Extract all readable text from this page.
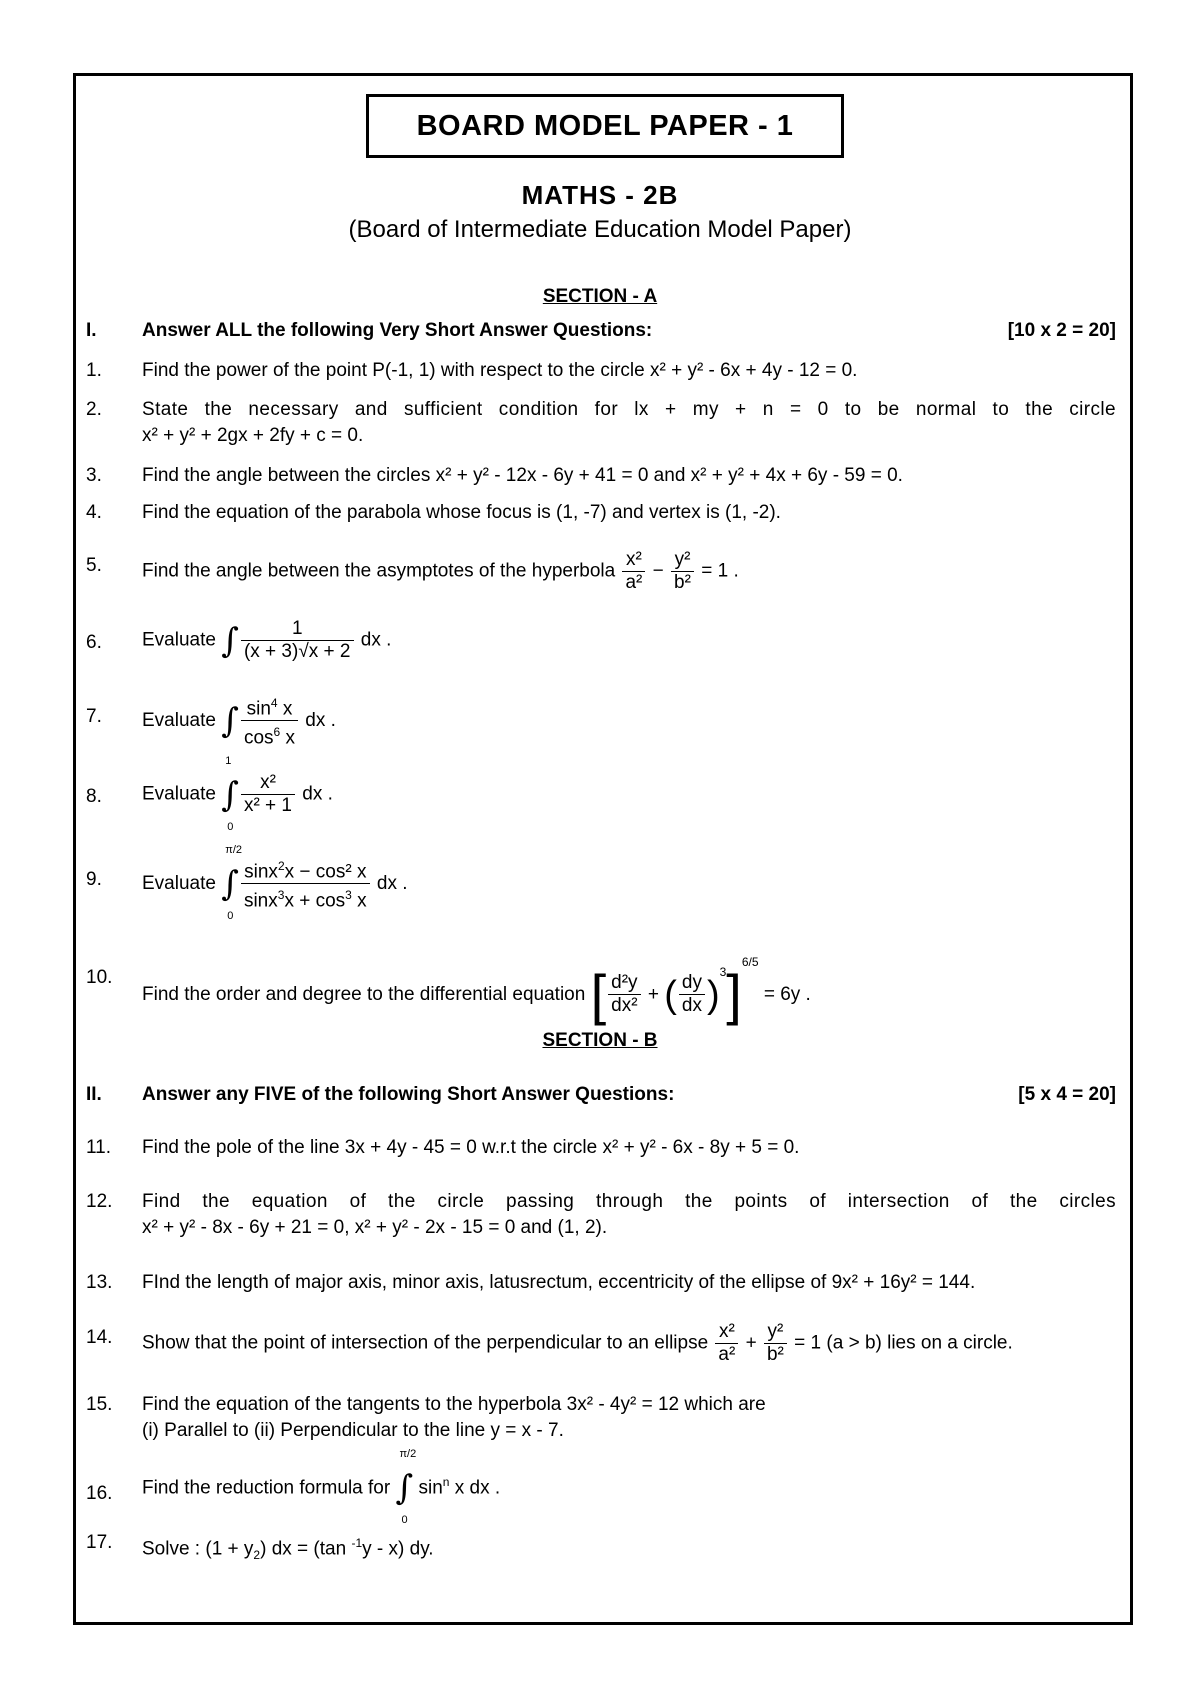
BOARD MODEL PAPER - 1
MATHS - 2B
(Board of Intermediate Education Model Paper)
SECTION - A
I. Answer ALL the following Very Short Answer Questions:	[10 x 2 = 20]
1. Find the power of the point P(-1, 1) with respect to the circle x² + y² - 6x + 4y - 12 = 0.
2. State the necessary and sufficient condition for lx + my + n = 0 to be normal to the circle
x² + y² + 2gx + 2fy + c = 0.
3. Find the angle between the circles x² + y² - 12x - 6y + 41 = 0 and x² + y² + 4x + 6y - 59 = 0.
4. Find the equation of the parabola whose focus is (1, -7) and vertex is (1, -2).
5. Find the angle between the asymptotes of the hyperbola $\frac{\text{x²}}{\text{a²}} - \frac{\text{y²}}{\text{b²}} = 1$ .
6. Evaluate ∫ $\frac{1}{(x + 3)√x + 2}$ dx .
7. Evaluate ∫ $\frac{\sin^4 x}{\cos^6 x}$ dx .
8. Evaluate ∫
1
0
$\frac{\text{x²}}{\text{x² + 1}}$ dx .
9. Evaluate ∫
π/2
0
$\frac{\sin x^2x - \cos^2 x}{\sin x^3x + \cos^3 x}$ dx .
10.
Find the order and degree to the differential equation [ $\frac{\text{d²y}}{\text{dx²}}$ + ( $\frac{dy}{dx} )^3]^{6/5} = 6y$ .
SECTION - B
II. Answer any FIVE of the following Short Answer Questions:	[5 x 4 = 20]
11. Find the pole of the line 3x + 4y - 45 = 0 w.r.t the circle x² + y² - 6x - 8y + 5 = 0.
12. Find the equation of the circle passing through the points of intersection of the circles
x² + y² - 8x - 6y + 21 = 0, x² + y² - 2x - 15 = 0 and (1, 2).
13. FInd the length of major axis, minor axis, latusrectum, eccentricity of the ellipse of 9x² + 16y² = 144.
14. Show that the point of intersection of the perpendicular to an ellipse $\frac{\text{x²}}{\text{a²}} + \frac{\text{y²}}{\text{b²}} = 1$ (a > b) lies on a circle.
15. Find the equation of the tangents to the hyperbola 3x² - 4y² = 12 which are
(i) Parallel to (ii) Perpendicular to the line y = x - 7.
16. Find the reduction formula for ∫
π/2
0
$\sin^n x$ dx .
17. Solve : $(1 + y_2)$ dx = (tan $^{-1}$y - x) dy.
